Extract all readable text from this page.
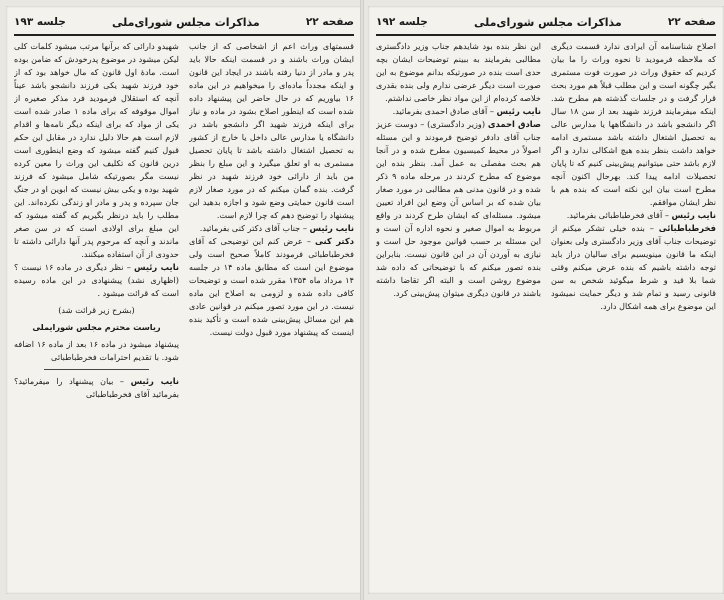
صفحه ۲۲
مذاکرات مجلس شورای‌ملی
جلسه ۱۹۳

شهیدو دارائی که برآنها مرتب ‌میشود کلمات کلی لیکن میشود در موضوع پدرخودش که ضامن بوده است. مادهٔ اول قانون که مال خواهد بود که از خود فرزند شهید یکی فرزند دانشجو باشد عیناً آنچه که استقلال فرمودید فرد مذکر صغیره از اموال موقوفه که برای ماده ۱ صادر شده است یکی از مواد که برای اینکه دیگر نامه‌ها و اقدام لازم است هم حالا دلیل ندارد در مقابل این حکم قبول کنیم گفته میشود که وضع اینطوری است درین قانون که تکلیف این وراث را معین کرده نیست مگر بصورتیکه شامل میشود که فرزند شهید بوده و یکی بیش نیست که ابوین او در جنگ جان سپرده و پدر و مادر او زندگی نکرده‌اند. این مطلب را باید درنظر بگیریم که گفته میشود که این مبلغ برای اولادی است که در سن صغر ماندند و آنچه که مرحوم پدر آنها دارائی داشته تا حدودی از آن استفاده میکنند.

نایب رئیس – نظر دیگری در ماده ۱۶ نیست ؟ (اظهاری نشد) پیشنهادی در این ماده رسیده است که قرائت میشود .

(بشرح زیر قرائت شد)
ریاست محترم مجلس شورایملی

پیشنهاد میشود در ماده ۱۶ بعد از ماده ۱۶ اضافه شود. با تقدیم احترامات فخرطباطبائی

نایب رئیس – بیان پیشنهاد را میفرمائید؟ بفرمائید آقای فخرطباطبائی

قسمتهای وراث اعم از اشخاصی که از جانب ایشان وراث باشند و در قسمت اینکه حالا باید پدر و مادر از دنیا رفته باشند در ایجاد این قانون و اینکه مجدداً ماده‌ای را میخواهیم در این ماده ۱۶ بیاوریم که در حال حاضر این پیشنهاد داده شده است که اینطور اصلاح بشود در ماده و نیاز برای اینکه فرزند شهید اگر دانشجو باشد در دانشگاه یا مدارس عالی داخل یا خارج از کشور به تحصیل اشتغال داشته باشد تا پایان تحصیل مستمری به او تعلق میگیرد و این مبلغ را بنظر من باید از دارائی خود فرزند شهید در نظر گرفت. بنده گمان میکنم که در مورد صغار لازم است قانون حمایتی وضع شود و اجازه بدهید این پیشنهاد را توضیح دهم که چرا لازم است.

نایب رئیس – جناب آقای دکتر کنی بفرمائید.

دکتر کنی – عرض کنم این توضیحی که آقای فخرطباطبائی فرمودند کاملاً صحیح است ولی موضوع این است که مطابق ماده ۱۴ در جلسه ۱۴ مرداد ماه ۱۳۵۴ مقرر شده است و توضیحات کافی داده شده و لزومی به اصلاح این ماده نیست. در این مورد تصور میکنم در قوانین عادی هم این مسائل پیش‌بینی شده است و تأکید بنده اینست که پیشنهاد مورد قبول دولت نیست.

صفحه ۲۲
مذاکرات مجلس شورای‌ملی
جلسه ۱۹۲

این نظر بنده بود شایدهم جناب وزیر دادگستری مطالبی بفرمایند به ببینم توضیحات ایشان بچه حدی است بنده در صورتیکه بدانم موضوع به این صورت است دیگر عرضی ندارم ولی بنده بقدری خلاصه کرده‌ام از این مواد نظر خاصی نداشتم.

نایب رئیس – آقای صادق احمدی بفرمائید.

صادق احمدی (وزیر دادگستری) – دوست عزیز جناب آقای دادفر توضیح فرمودند و این مسئله اصولاً در محیط کمیسیون مطرح شده و در آنجا هم بحث مفصلی به عمل آمد. بنظر بنده این موضوع که مطرح کردند در مرحله ماده ۹ ذکر شده و در قانون مدنی هم مطالبی در مورد صغار بیان شده که بر اساس آن وضع این افراد تعیین میشود. مسئله‌ای که ایشان طرح کردند در واقع مربوط به اموال صغیر و نحوه اداره آن است و این مسئله بر حسب قوانین موجود حل است و نیازی به آوردن آن در این قانون نیست. بنابراین بنده تصور میکنم که با توضیحاتی که داده شد موضوع روشن است و البته اگر تقاضا داشته باشند در قانون دیگری میتوان پیش‌بینی کرد.

اصلاح شناسنامه آن ایرادی ندارد قسمت دیگری که ملاحظه فرمودید تا نحوه وراث را ما بیان کردیم که حقوق وراث در صورت فوت مستمری بگیر چگونه است و این مطلب قبلاً هم مورد بحث قرار گرفت و در جلسات گذشته هم مطرح شد. اینکه میفرمایند فرزند شهید بعد از سن ۱۸ سال اگر دانشجو باشد در دانشگاهها یا مدارس عالی به تحصیل اشتغال داشته باشد مستمری ادامه خواهد داشت بنظر بنده هیچ اشکالی ندارد و اگر لازم باشد حتی میتوانیم پیش‌بینی کنیم که تا پایان تحصیلات ادامه پیدا کند. بهرحال اکنون آنچه مطرح است بیان این نکته است که بنده هم با نظر ایشان موافقم.

نایب رئیس – آقای فخرطباطبائی بفرمائید.

فخرطباطبائی – بنده خیلی تشکر میکنم از توضیحات جناب آقای وزیر دادگستری ولی بعنوان اینکه ما قانون مینویسیم برای سالیان دراز باید توجه داشته باشیم که بنده عرض میکنم وقتی شما بلا قید و شرط میگوئید شخص به سن قانونی رسید و تمام شد و دیگر حمایت نمیشود این موضوع برای همه اشکال دارد.
